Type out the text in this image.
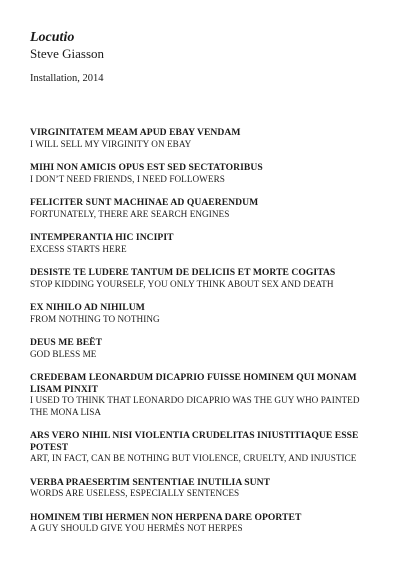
Locutio

Steve Giasson

Installation, 2014

VIRGINITATEM MEAM APUD EBAY VENDAM
I WILL SELL MY VIRGINITY ON EBAY
MIHI NON AMICIS OPUS EST SED SECTATORIBUS
I DON’T NEED FRIENDS, I NEED FOLLOWERS
FELICITER SUNT MACHINAE AD QUAERENDUM
FORTUNATELY, THERE ARE SEARCH ENGINES
INTEMPERANTIA HIC INCIPIT
EXCESS STARTS HERE
DESISTE TE LUDERE TANTUM DE DELICIIS ET MORTE COGITAS
STOP KIDDING YOURSELF, YOU ONLY THINK ABOUT SEX AND DEATH
EX NIHILO AD NIHILUM
FROM NOTHING TO NOTHING
DEUS ME BEËT
GOD BLESS ME
CREDEBAM LEONARDUM DICAPRIO FUISSE HOMINEM QUI MONAM LISAM PINXIT
I USED TO THINK THAT LEONARDO DICAPRIO WAS THE GUY WHO PAINTED THE MONA LISA
ARS VERO NIHIL NISI VIOLENTIA CRUDELITAS INIUSTITIAQUE ESSE POTEST
ART, IN FACT, CAN BE NOTHING BUT VIOLENCE, CRUELTY, AND INJUSTICE
VERBA PRAESERTIM SENTENTIAE INUTILIA SUNT
WORDS ARE USELESS, ESPECIALLY SENTENCES
HOMINEM TIBI HERMEN NON HERPENA DARE OPORTET
A GUY SHOULD GIVE YOU HERMÈS NOT HERPES
